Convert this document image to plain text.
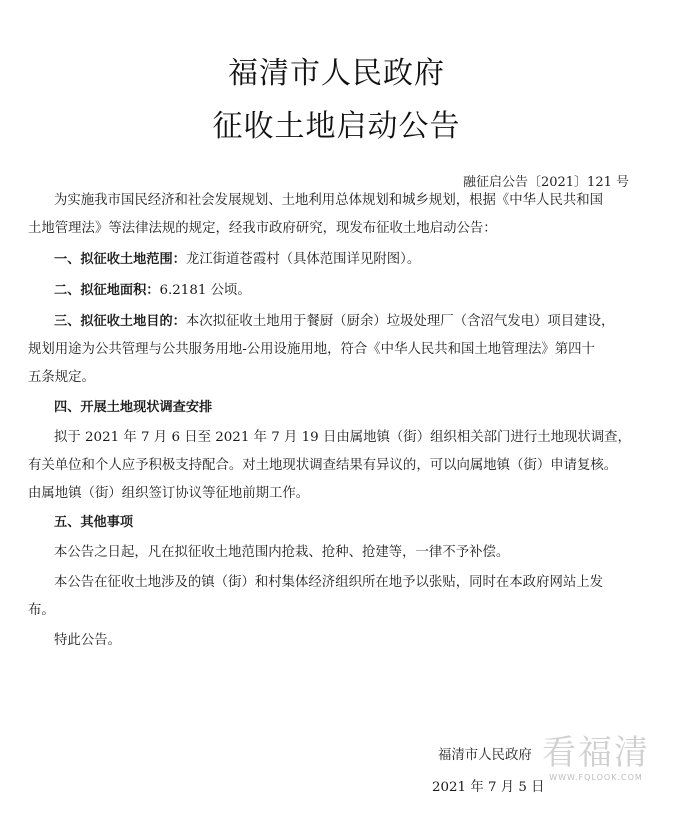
福清市人民政府
征收土地启动公告
融征启公告〔2021〕121 号
为实施我市国民经济和社会发展规划、土地利用总体规划和城乡规划，根据《中华人民共和国
土地管理法》等法律法规的规定，经我市政府研究，现发布征收土地启动公告：
一、拟征收土地范围：龙江街道苍霞村（具体范围详见附图）。
二、拟征地面积：6.2181 公顷。
三、拟征收土地目的：本次拟征收土地用于餐厨（厨余）垃圾处理厂（含沼气发电）项目建设，
规划用途为公共管理与公共服务用地-公用设施用地，符合《中华人民共和国土地管理法》第四十
五条规定。
四、开展土地现状调查安排
拟于 2021 年 7 月 6 日至 2021 年 7 月 19 日由属地镇（街）组织相关部门进行土地现状调查，
有关单位和个人应予积极支持配合。对土地现状调查结果有异议的，可以向属地镇（街）申请复核。
由属地镇（街）组织签订协议等征地前期工作。
五、其他事项
本公告之日起，凡在拟征收土地范围内抢栽、抢种、抢建等，一律不予补偿。
本公告在征收土地涉及的镇（街）和村集体经济组织所在地予以张贴，同时在本政府网站上发
布。
特此公告。
福清市人民政府
2021 年 7 月 5 日
看福清
WWW.FQLOOK.COM
